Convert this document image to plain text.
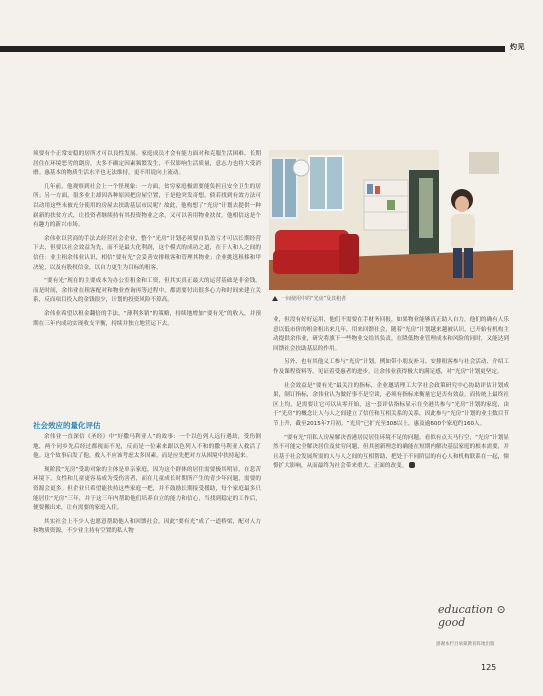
灼见

须要有个正常安稳的居所才可以良性发展。家庭成员才会有能力面对和克服生活困难。长期居住在环境恶劣的劏房，夫多不确定因素频繁发生，不仅影响生活质量，意志力也将大受消磨。惠基本的物质生活水平也无法维持，更不用说向上流动。

几年前，他观察到社会上一个怪现象：一方面，贫穷家庭极需要能负担且安全卫生的居所；另一方面，很多业主却因各种原因把房屋空置，于是他突发奇想，倘若找到有效方法可以动用这些未被充分使用的房屋去扶助基层市民呢？故此，他构想了“光房”计划去提供一种崭新的扶贫方式，让投资者继续持有其投资物业之余，又可以善用物业扶贫，他相信这是个有趣力的新兴市场。

余伟业以营商的手法去经营社会企业，整个“光房”计划必须要自负盈亏才可以长期经营下去，但要以社会效益为先，而不是最大化利润，这个模式的成功之道，在于人和人之间的信任：业主租余伟业认识，相信“要有光”会妥善安排租客和管理其物业；企业挑选租移和甲决轮，以及有股权信金，以自力更生为目标的租客。

“要有光”现在的主要成本为办公室租金和工资，但其实真正最大的运营基础是非金钱。而是时间，余伟业在租客配对和物业查询再等过程中，都需要付出很多心力和时间来建立关系，反而项目投入的金钱很少，计划的投资风险不算高。

余伟业希望以租金翻倍的手法，“薄利多销”的策略，持续地增加“要有光”的收入，并预期在三年内成功实现收支平衡，持续并独立地营运下去。

社会效应的量化评估

余伟业一直深信《圣经》中“好撒马利亚人”的故事：一个以色列人远行遇劫，受伤倒地，两个同乡先后经过都视而不见，反而是一位素来跟以色列人不和的撒马利亚人救活了他。这个故事启发了他，救人不应该考虑太多因素，而是应先把对方从困境中扶持起来。

现阶段“光房”受助对象的主体是单亲家庭，因为这个群体的居住需要极其明显，在悲苦环境下，女性和儿童更容易成为受伤害者，而在儿童成长时期所产生的青少年问题，需要的资源会更多。但企业只希望能扶持这些家庭一把，并不鼓励长期接受援助，每个家庭最多只能居住“光房”三年，并于这三年内帮助他们培养自立的能力和信心，当找到稳定的工作后，便要搬出来，让有需要的家庭入住。

其实社会上不少人也愿意帮助他人和回馈社会，因此“要有光”成了一道桥梁，配对人力和物质资源，不少业主持有空置的私人物

一间使用中的“光房”及其租者

业，但没有好好运用，他们不需要在手财务回报，如果物业能够真正助人自力，他们的确有人乐意以低市价的租金租出来几年，用来回馈社会，随着“光房”计划越来越被认识，已开始有机构主动提供余伟业，研究将旗下一些物业交给其负责，在降低物业管理成本和风险的同时，又能达到回馈社会扶助基层的作用。

另外，也有其他义工参与“光房”计划，例如带小朋友补习、安排租客参与社会活动、介绍工作及课程资料等，见证着受惠者的进步，让余伟业获得极大的满足感，对“光房”计划更坚定。

社会效益是“要有光”最关注的指标，企业邀请理工大学社会政策研究中心协助评估计划成果，制订指标，余伟业认为做好事不是空谈，必须有指标来衡量它是否有效益。而传统上最终社区上均，是需要让它可以从零开始，这一套评估指标显示在全港共参与“光房”计划的家庭，由于“光房”的概念让人与人之间建立了信任和互相关系的关系，因此参与“光房”计划的业主数目节节上升，截至2015年7月初，“光房”已扩充至308以上，惠及逾600个家庭约160人。

“要有光”用私人房屋解决香港居民居住环境不足的问题，看似有点天马行空，“光房”计划显然不可能完全解决居住及贫穷问题，但其创新理念的确能在短期内解决基层家庭的根本需要，并且基于社会发展所需的人与人之间的互相帮助，把处于不同阶层的有心人和机构联系在一起，憧憬扩大影响，从而最终为社会带来重大、正面的改变。

education ⊙ good
感谢本栏目承蒙教育阵地出版
125
